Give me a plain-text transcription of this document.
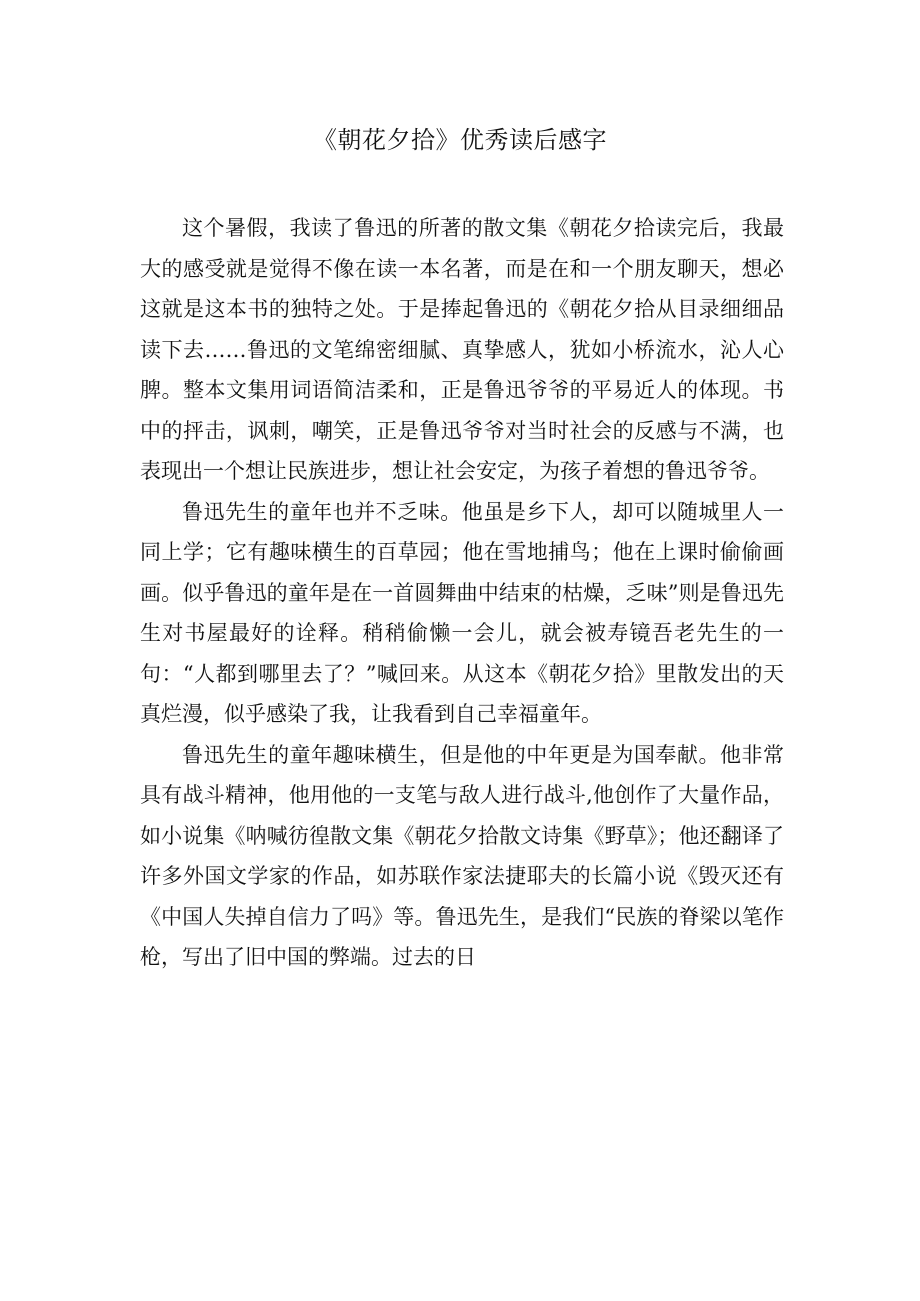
《朝花夕拾》优秀读后感字

这个暑假，我读了鲁迅的所著的散文集《朝花夕拾读完后，我最大的感受就是觉得不像在读一本名著，而是在和一个朋友聊天，想必这就是这本书的独特之处。于是捧起鲁迅的《朝花夕拾从目录细细品读下去……鲁迅的文笔绵密细腻、真挚感人，犹如小桥流水，沁人心脾。整本文集用词语简洁柔和，正是鲁迅爷爷的平易近人的体现。书中的抨击，讽刺，嘲笑，正是鲁迅爷爷对当时社会的反感与不满，也表现出一个想让民族进步，想让社会安定，为孩子着想的鲁迅爷爷。

鲁迅先生的童年也并不乏味。他虽是乡下人，却可以随城里人一同上学；它有趣味横生的百草园；他在雪地捕鸟；他在上课时偷偷画画。似乎鲁迅的童年是在一首圆舞曲中结束的枯燥，乏味”则是鲁迅先生对书屋最好的诠释。稍稍偷懒一会儿，就会被寿镜吾老先生的一句：“人都到哪里去了？”喊回来。从这本《朝花夕拾》里散发出的天真烂漫，似乎感染了我，让我看到自己幸福童年。

鲁迅先生的童年趣味横生，但是他的中年更是为国奉献。他非常具有战斗精神，他用他的一支笔与敌人进行战斗,他创作了大量作品，如小说集《呐喊彷徨散文集《朝花夕拾散文诗集《野草》；他还翻译了许多外国文学家的作品，如苏联作家法捷耶夫的长篇小说《毁灭还有《中国人失掉自信力了吗》等。鲁迅先生，是我们“民族的脊梁以笔作枪，写出了旧中国的弊端。过去的日
